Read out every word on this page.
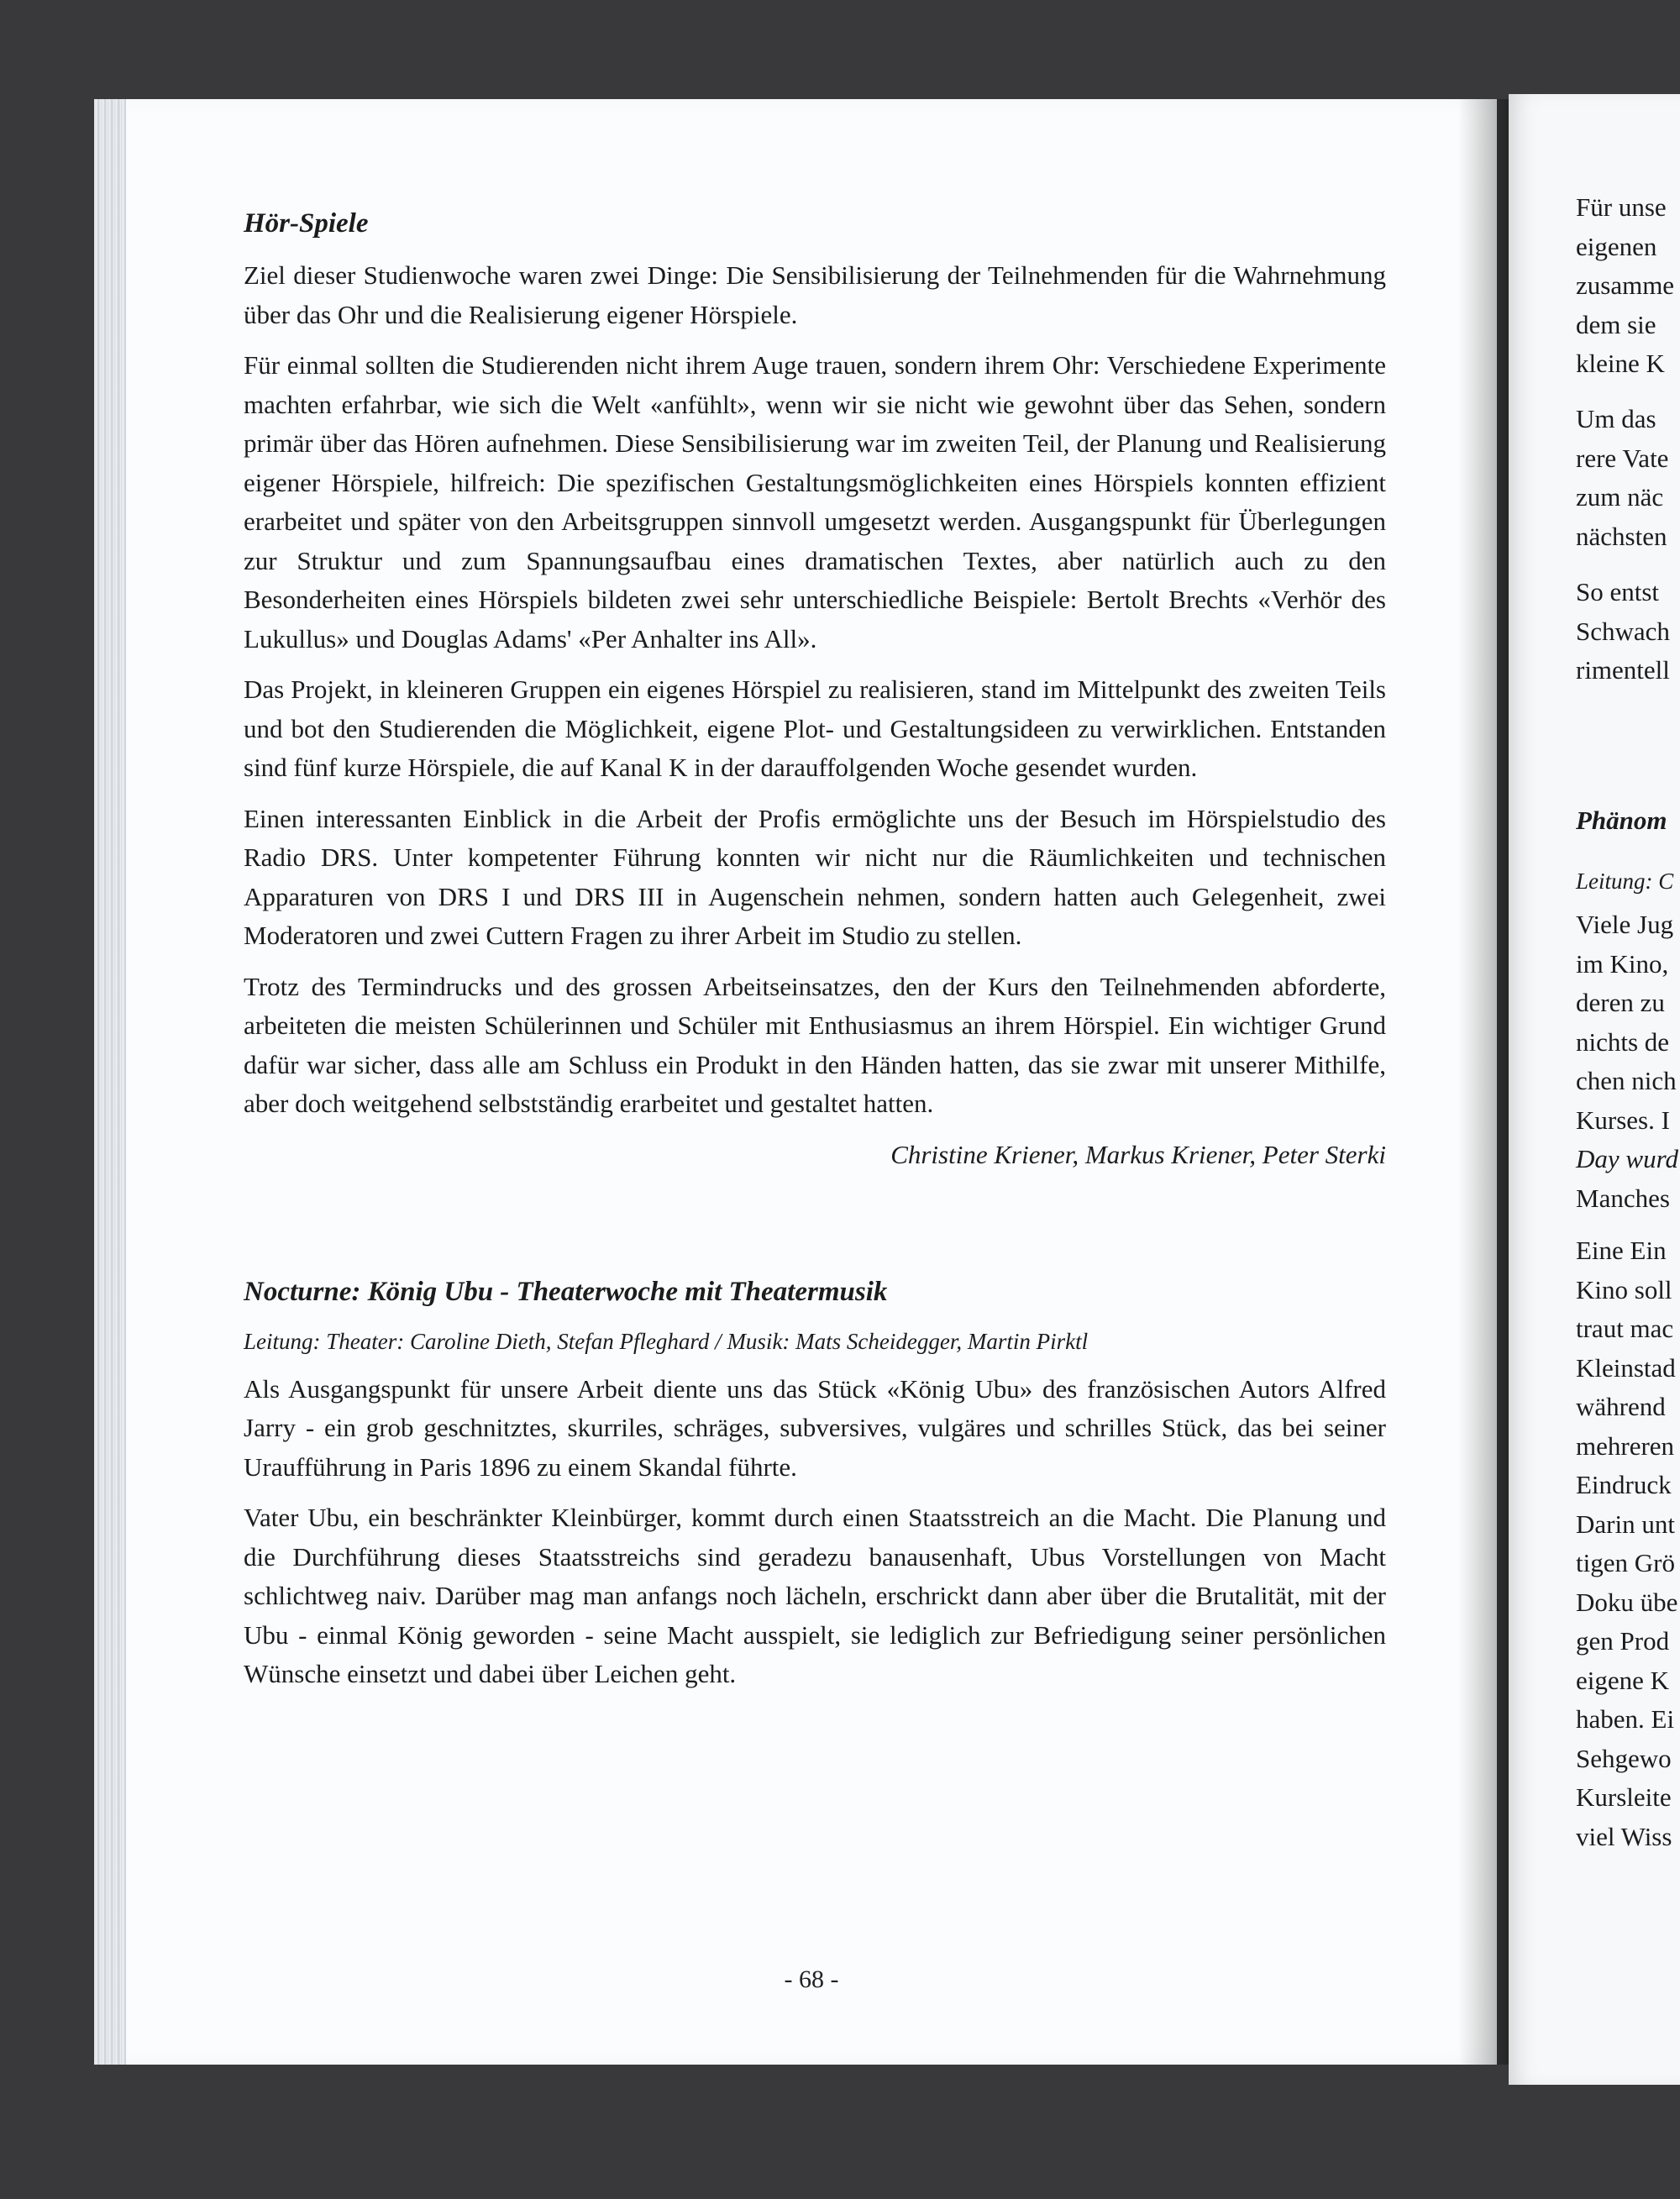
- 68 -
Hör-Spiele

Ziel dieser Studienwoche waren zwei Dinge: Die Sensibilisierung der Teilnehmenden für die Wahrnehmung über das Ohr und die Realisierung eigener Hörspiele.

Für einmal sollten die Studierenden nicht ihrem Auge trauen, sondern ihrem Ohr: Verschiedene Experimente machten erfahrbar, wie sich die Welt «anfühlt», wenn wir sie nicht wie gewohnt über das Sehen, sondern primär über das Hören aufnehmen. Diese Sensibilisierung war im zweiten Teil, der Planung und Realisierung eigener Hörspiele, hilfreich: Die spezifischen Gestaltungsmöglichkeiten eines Hörspiels konnten effizient erarbeitet und später von den Arbeitsgruppen sinnvoll umgesetzt werden. Ausgangspunkt für Überlegungen zur Struktur und zum Spannungsaufbau eines dramatischen Textes, aber natürlich auch zu den Besonderheiten eines Hörspiels bildeten zwei sehr unterschiedliche Beispiele: Bertolt Brechts «Verhör des Lukullus» und Douglas Adams' «Per Anhalter ins All».

Das Projekt, in kleineren Gruppen ein eigenes Hörspiel zu realisieren, stand im Mittelpunkt des zweiten Teils und bot den Studierenden die Möglichkeit, eigene Plot- und Gestaltungsideen zu verwirklichen. Entstanden sind fünf kurze Hörspiele, die auf Kanal K in der darauffolgenden Woche gesendet wurden.

Einen interessanten Einblick in die Arbeit der Profis ermöglichte uns der Besuch im Hörspielstudio des Radio DRS. Unter kompetenter Führung konnten wir nicht nur die Räumlichkeiten und technischen Apparaturen von DRS I und DRS III in Augenschein nehmen, sondern hatten auch Gelegenheit, zwei Moderatoren und zwei Cuttern Fragen zu ihrer Arbeit im Studio zu stellen.

Trotz des Termindrucks und des grossen Arbeitseinsatzes, den der Kurs den Teilnehmenden abforderte, arbeiteten die meisten Schülerinnen und Schüler mit Enthusiasmus an ihrem Hörspiel. Ein wichtiger Grund dafür war sicher, dass alle am Schluss ein Produkt in den Händen hatten, das sie zwar mit unserer Mithilfe, aber doch weitgehend selbstständig erarbeitet und gestaltet hatten.

Christine Kriener, Markus Kriener, Peter Sterki

Nocturne: König Ubu - Theaterwoche mit Theatermusik

Leitung: Theater: Caroline Dieth, Stefan Pfleghard / Musik: Mats Scheidegger, Martin Pirktl

Als Ausgangspunkt für unsere Arbeit diente uns das Stück «König Ubu» des französischen Autors Alfred Jarry - ein grob geschnitztes, skurriles, schräges, subversives, vulgäres und schrilles Stück, das bei seiner Uraufführung in Paris 1896 zu einem Skandal führte.

Vater Ubu, ein beschränkter Kleinbürger, kommt durch einen Staatsstreich an die Macht. Die Planung und die Durchführung dieses Staatsstreichs sind geradezu banausenhaft, Ubus Vorstellungen von Macht schlichtweg naiv. Darüber mag man anfangs noch lächeln, erschrickt dann aber über die Brutalität, mit der Ubu - einmal König geworden - seine Macht ausspielt, sie lediglich zur Befriedigung seiner persönlichen Wünsche einsetzt und dabei über Leichen geht.

Für unse
eigenen
zusamme
dem sie
kleine K
Um das
rere Vate
zum näc
nächsten
So entst
Schwach
rimentell
Phänom
Leitung: C
Viele Jug
im Kino,
deren zu
nichts de
chen nich
Kurses. I
Day wurd
Manches
Eine Ein
Kino soll
traut mac
Kleinstad
während
mehreren
Eindruck
Darin unt
tigen Grö
Doku übe
gen Prod
eigene K
haben. Ei
Sehgewo
Kursleite
viel Wiss
